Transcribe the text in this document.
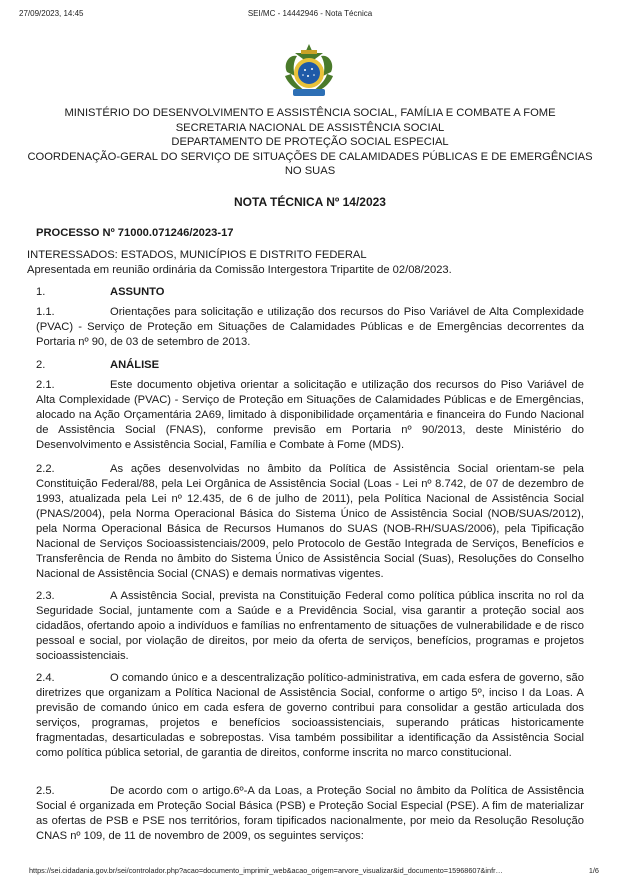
27/09/2023, 14:45	SEI/MC - 14442946 - Nota Técnica
MINISTÉRIO DO DESENVOLVIMENTO E ASSISTÊNCIA SOCIAL, FAMÍLIA E COMBATE A FOME
SECRETARIA NACIONAL DE ASSISTÊNCIA SOCIAL
DEPARTAMENTO DE PROTEÇÃO SOCIAL ESPECIAL
COORDENAÇÃO-GERAL DO SERVIÇO DE SITUAÇÕES DE CALAMIDADES PÚBLICAS E DE EMERGÊNCIAS NO SUAS
NOTA TÉCNICA Nº 14/2023
PROCESSO Nº 71000.071246/2023-17
INTERESSADOS: ESTADOS, MUNICÍPIOS E DISTRITO FEDERAL
Apresentada em reunião ordinária da Comissão Intergestora Tripartite de 02/08/2023.
1.	ASSUNTO
1.1.	Orientações para solicitação e utilização dos recursos do Piso Variável de Alta Complexidade (PVAC) - Serviço de Proteção em Situações de Calamidades Públicas e de Emergências decorrentes da Portaria nº 90, de 03 de setembro de 2013.
2.	ANÁLISE
2.1.	Este documento objetiva orientar a solicitação e utilização dos recursos do Piso Variável de Alta Complexidade (PVAC) - Serviço de Proteção em Situações de Calamidades Públicas e de Emergências, alocado na Ação Orçamentária 2A69, limitado à disponibilidade orçamentária e financeira do Fundo Nacional de Assistência Social (FNAS), conforme previsão em Portaria nº 90/2013, deste Ministério do Desenvolvimento e Assistência Social, Família e Combate à Fome (MDS).
2.2.	As ações desenvolvidas no âmbito da Política de Assistência Social orientam-se pela Constituição Federal/88, pela Lei Orgânica de Assistência Social (Loas - Lei nº 8.742, de 07 de dezembro de 1993, atualizada pela Lei nº 12.435, de 6 de julho de 2011), pela Política Nacional de Assistência Social (PNAS/2004), pela Norma Operacional Básica do Sistema Único de Assistência Social (NOB/SUAS/2012), pela Norma Operacional Básica de Recursos Humanos do SUAS (NOB-RH/SUAS/2006), pela Tipificação Nacional de Serviços Socioassistenciais/2009, pelo Protocolo de Gestão Integrada de Serviços, Benefícios e Transferência de Renda no âmbito do Sistema Único de Assistência Social (Suas), Resoluções do Conselho Nacional de Assistência Social (CNAS) e demais normativas vigentes.
2.3.	A Assistência Social, prevista na Constituição Federal como política pública inscrita no rol da Seguridade Social, juntamente com a Saúde e a Previdência Social, visa garantir a proteção social aos cidadãos, ofertando apoio a indivíduos e famílias no enfrentamento de situações de vulnerabilidade e de risco pessoal e social, por violação de direitos, por meio da oferta de serviços, benefícios, programas e projetos socioassistenciais.
2.4.	O comando único e a descentralização político-administrativa, em cada esfera de governo, são diretrizes que organizam a Política Nacional de Assistência Social, conforme o artigo 5º, inciso I da Loas. A previsão de comando único em cada esfera de governo contribui para consolidar a gestão articulada dos serviços, programas, projetos e benefícios socioassistenciais, superando práticas historicamente fragmentadas, desarticuladas e sobrepostas. Visa também possibilitar a identificação da Assistência Social como política pública setorial, de garantia de direitos, conforme inscrita no marco constitucional.
2.5.	De acordo com o artigo.6º-A da Loas, a Proteção Social no âmbito da Política de Assistência Social é organizada em Proteção Social Básica (PSB) e Proteção Social Especial (PSE). A fim de materializar as ofertas de PSB e PSE nos territórios, foram tipificados nacionalmente, por meio da Resolução Resolução CNAS nº 109, de 11 de novembro de 2009, os seguintes serviços:
https://sei.cidadania.gov.br/sei/controlador.php?acao=documento_imprimir_web&acao_origem=arvore_visualizar&id_documento=15968607&infr…	1/6
